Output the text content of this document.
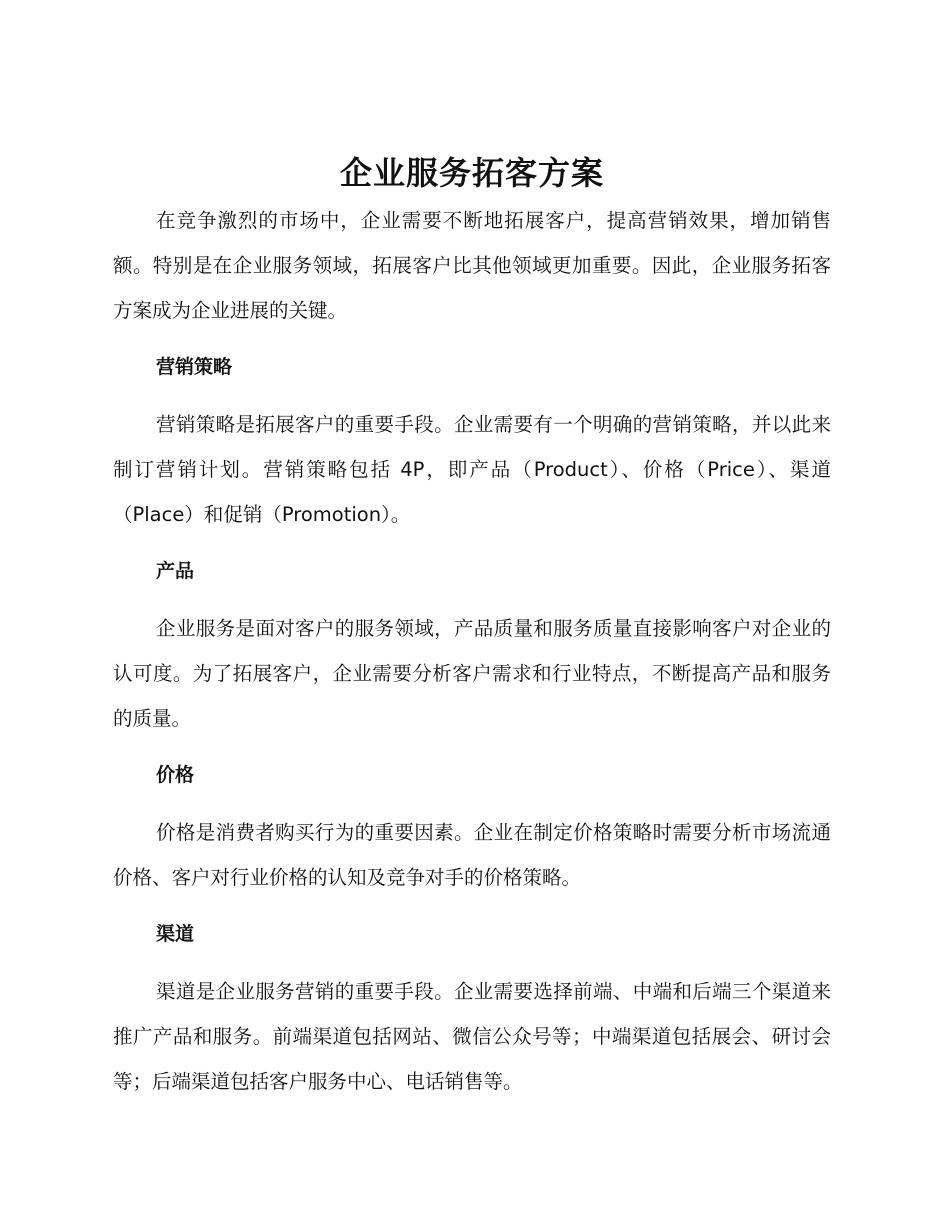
企业服务拓客方案

在竞争激烈的市场中，企业需要不断地拓展客户，提高营销效果，增加销售额。特别是在企业服务领域，拓展客户比其他领域更加重要。因此，企业服务拓客方案成为企业进展的关键。

营销策略

营销策略是拓展客户的重要手段。企业需要有一个明确的营销策略，并以此来制订营销计划。营销策略包括 4P，即产品（Product）、价格（Price）、渠道（Place）和促销（Promotion）。

产品

企业服务是面对客户的服务领域，产品质量和服务质量直接影响客户对企业的认可度。为了拓展客户，企业需要分析客户需求和行业特点，不断提高产品和服务的质量。

价格

价格是消费者购买行为的重要因素。企业在制定价格策略时需要分析市场流通价格、客户对行业价格的认知及竞争对手的价格策略。

渠道

渠道是企业服务营销的重要手段。企业需要选择前端、中端和后端三个渠道来推广产品和服务。前端渠道包括网站、微信公众号等；中端渠道包括展会、研讨会等；后端渠道包括客户服务中心、电话销售等。
